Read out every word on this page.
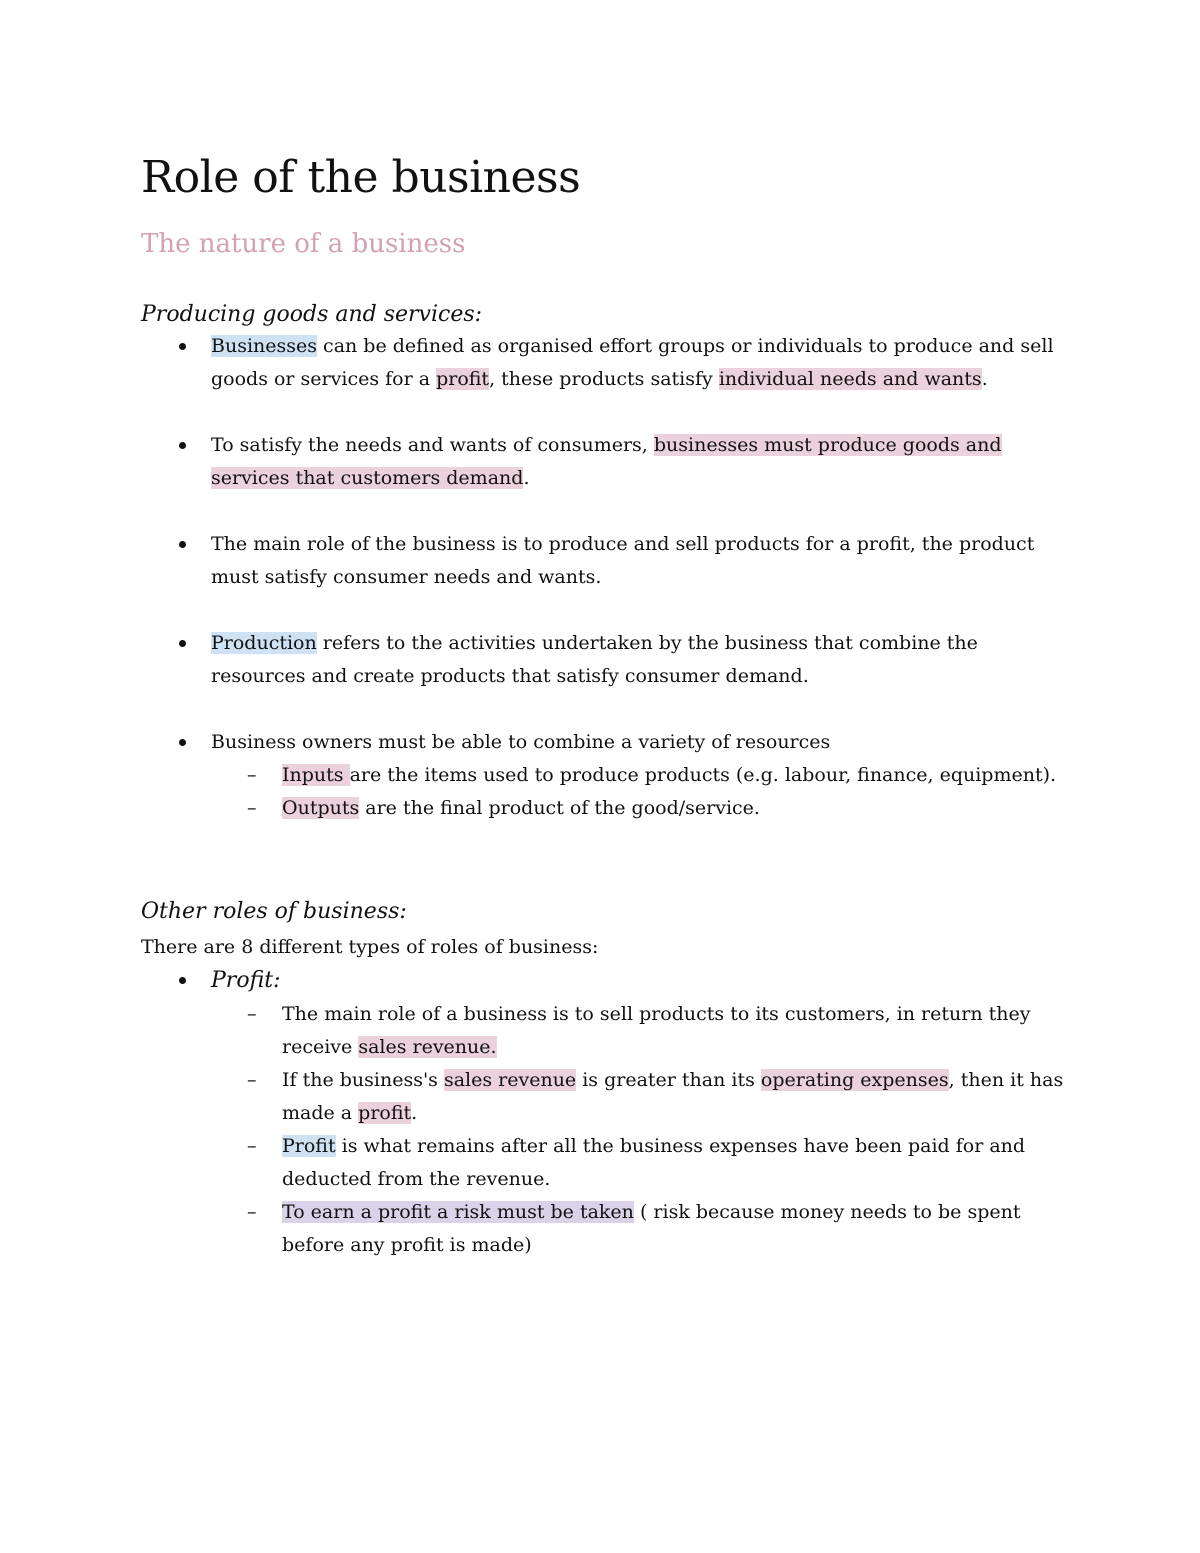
Role of the business
The nature of a business
Producing goods and services:
Businesses can be defined as organised effort groups or individuals to produce and sell goods or services for a profit, these products satisfy individual needs and wants.
To satisfy the needs and wants of consumers, businesses must produce goods and services that customers demand.
The main role of the business is to produce and sell products for a profit, the product must satisfy consumer needs and wants.
Production refers to the activities undertaken by the business that combine the resources and create products that satisfy consumer demand.
Business owners must be able to combine a variety of resources
– Inputs are the items used to produce products (e.g. labour, finance, equipment).
– Outputs are the final product of the good/service.
Other roles of business:

There are 8 different types of roles of business:

Profit:
– The main role of a business is to sell products to its customers, in return they receive sales revenue.
– If the business's sales revenue is greater than its operating expenses, then it has made a profit.
– Profit is what remains after all the business expenses have been paid for and deducted from the revenue.
– To earn a profit a risk must be taken ( risk because money needs to be spent before any profit is made)
